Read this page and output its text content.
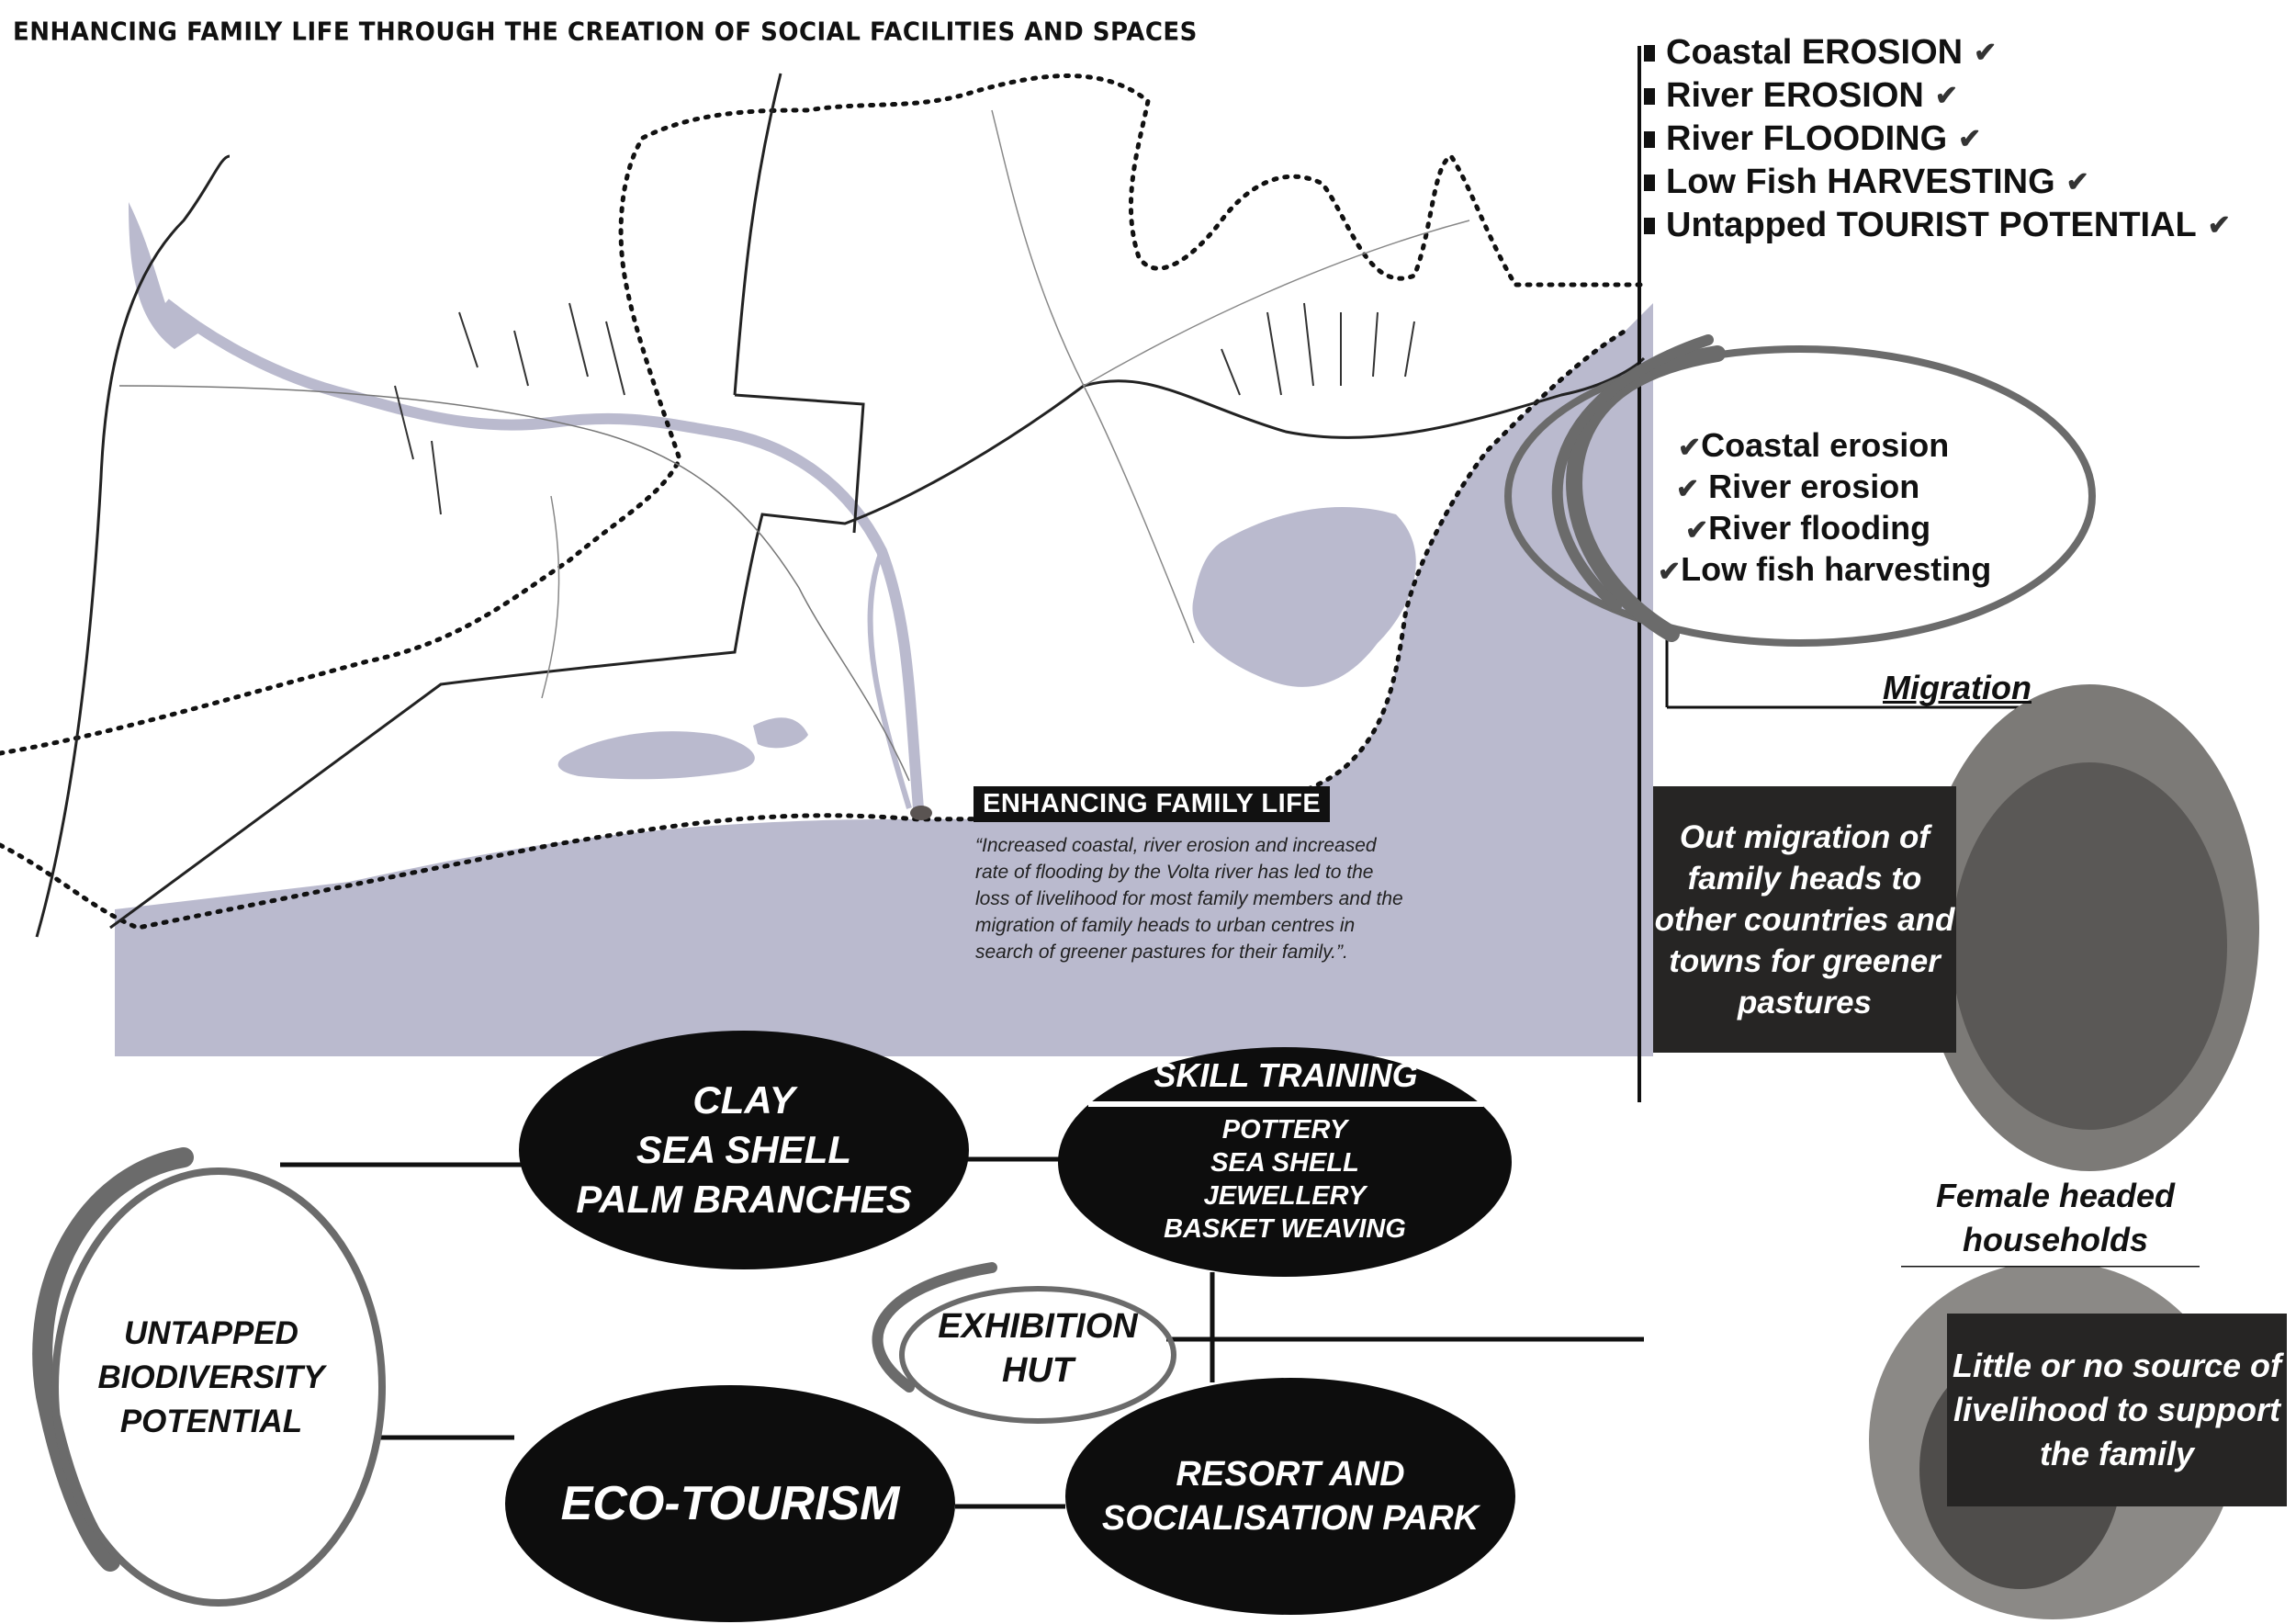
ENHANCING FAMILY LIFE THROUGH THE CREATION OF SOCIAL FACILITIES AND SPACES
Coastal EROSION ✔
River EROSION ✔
River FLOODING ✔
Low Fish HARVESTING ✔
Untapped TOURIST POTENTIAL ✔
✔Coastal erosion
✔ River erosion
✔River flooding
✔Low fish harvesting
Migration
Out migration of family heads to other countries and towns for greener pastures
Female headed households
Little or no source of livelihood to support the family
ENHANCING FAMILY LIFE
“Increased coastal, river erosion and increased rate of flooding by the Volta river has led to the loss of livelihood for most family members and the migration of family heads to urban centres in search of greener pastures for their family.”.
CLAY
SEA SHELL
PALM BRANCHES
SKILL TRAINING
POTTERY
SEA SHELL
JEWELLERY
BASKET WEAVING
EXHIBITION
HUT
UNTAPPED
BIODIVERSITY
POTENTIAL
ECO-TOURISM
RESORT AND
SOCIALISATION PARK
